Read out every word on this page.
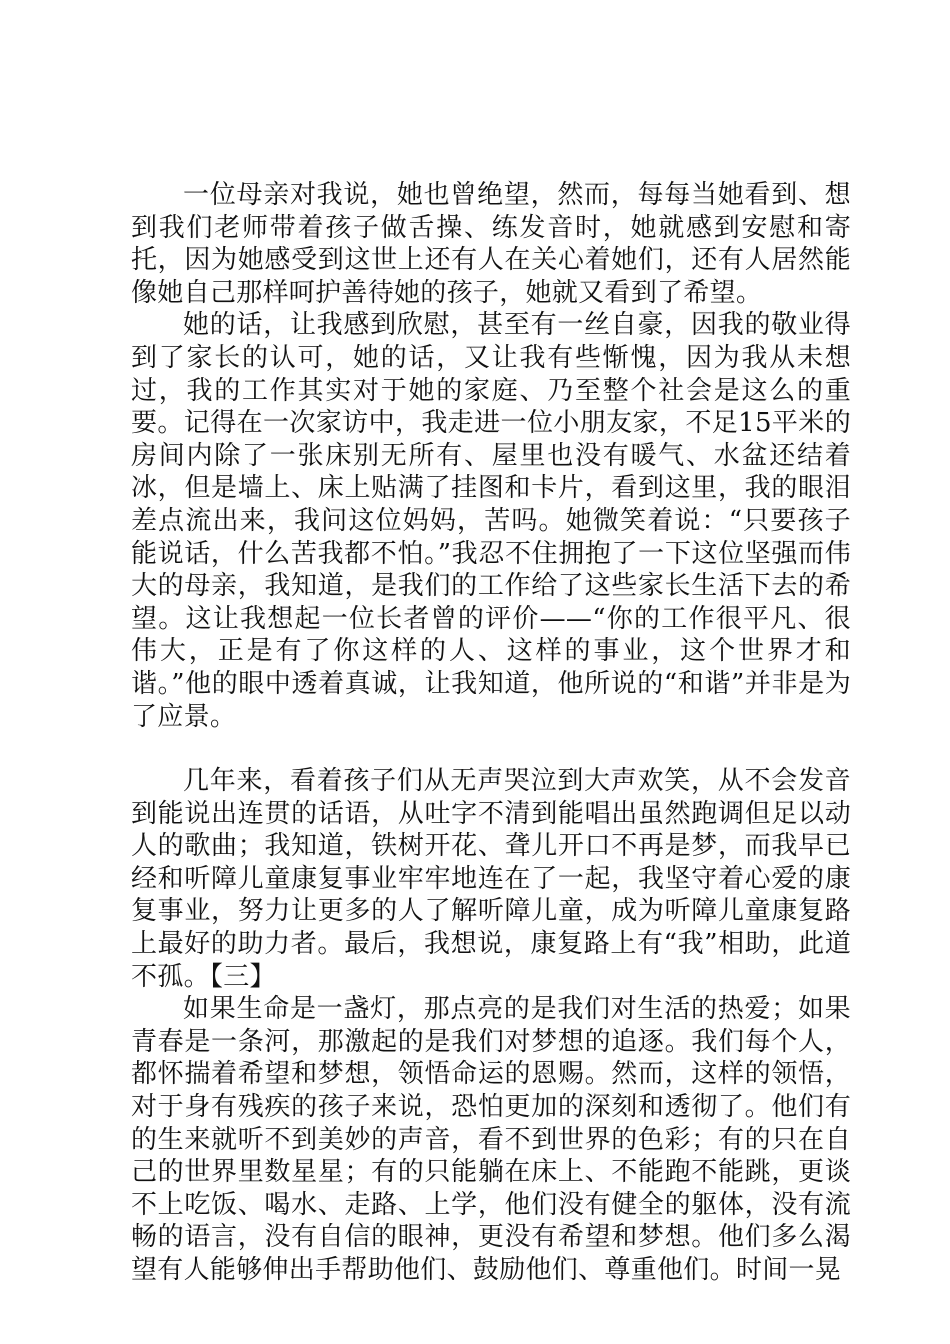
一位母亲对我说，她也曾绝望，然而，每每当她看到、想到我们老师带着孩子做舌操、练发音时，她就感到安慰和寄托，因为她感受到这世上还有人在关心着她们，还有人居然能像她自己那样呵护善待她的孩子，她就又看到了希望。

她的话，让我感到欣慰，甚至有一丝自豪，因我的敬业得到了家长的认可，她的话，又让我有些惭愧，因为我从未想过，我的工作其实对于她的家庭、乃至整个社会是这么的重要。记得在一次家访中，我走进一位小朋友家，不足15平米的房间内除了一张床别无所有、屋里也没有暖气、水盆还结着冰，但是墙上、床上贴满了挂图和卡片，看到这里，我的眼泪差点流出来，我问这位妈妈，苦吗。她微笑着说：“只要孩子能说话，什么苦我都不怕。”我忍不住拥抱了一下这位坚强而伟大的母亲，我知道，是我们的工作给了这些家长生活下去的希望。这让我想起一位长者曾的评价——“你的工作很平凡、很伟大，正是有了你这样的人、这样的事业，这个世界才和谐。”他的眼中透着真诚，让我知道，他所说的“和谐”并非是为了应景。

几年来，看着孩子们从无声哭泣到大声欢笑，从不会发音到能说出连贯的话语，从吐字不清到能唱出虽然跑调但足以动人的歌曲；我知道，铁树开花、聋儿开口不再是梦，而我早已经和听障儿童康复事业牢牢地连在了一起，我坚守着心爱的康复事业，努力让更多的人了解听障儿童，成为听障儿童康复路上最好的助力者。最后，我想说，康复路上有“我”相助，此道不孤。【三】

如果生命是一盏灯，那点亮的是我们对生活的热爱；如果青春是一条河，那激起的是我们对梦想的追逐。我们每个人，都怀揣着希望和梦想，领悟命运的恩赐。然而，这样的领悟，对于身有残疾的孩子来说，恐怕更加的深刻和透彻了。他们有的生来就听不到美妙的声音，看不到世界的色彩；有的只在自己的世界里数星星；有的只能躺在床上、不能跑不能跳，更谈不上吃饭、喝水、走路、上学，他们没有健全的躯体，没有流畅的语言，没有自信的眼神，更没有希望和梦想。他们多么渴望有人能够伸出手帮助他们、鼓励他们、尊重他们。时间一晃
